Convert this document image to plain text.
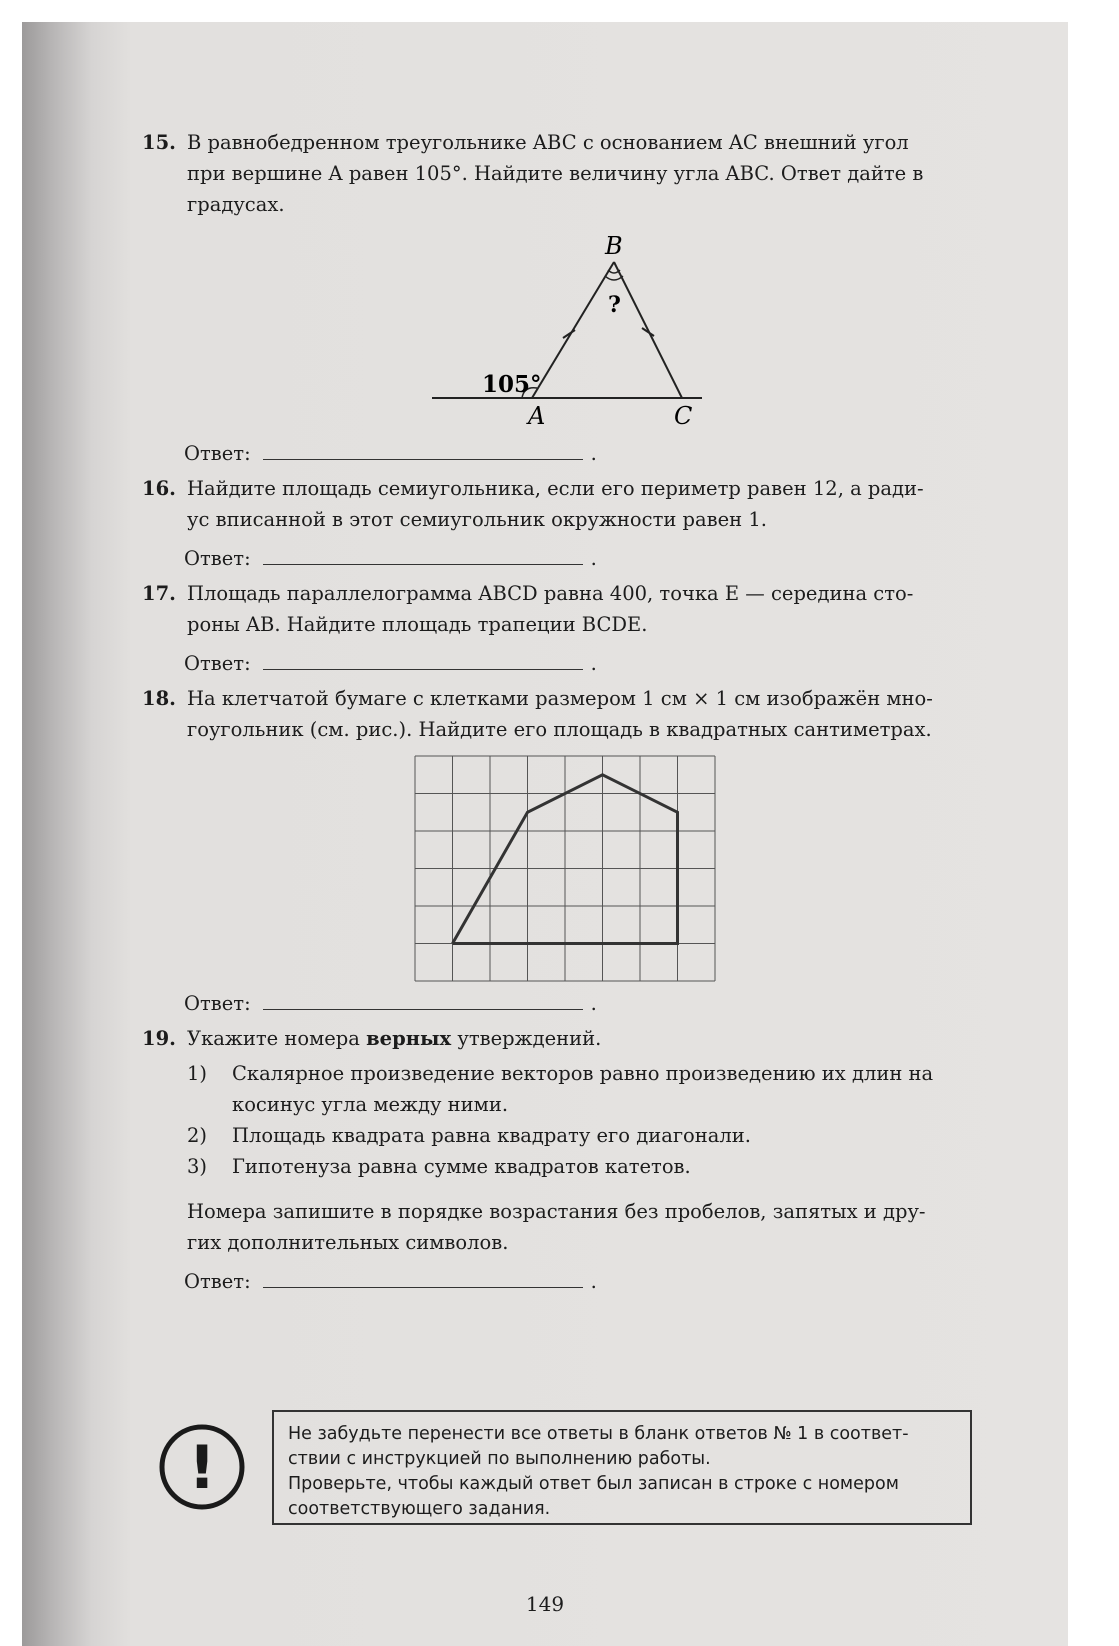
15. В равнобедренном треугольнике ABC с основанием AC внешний угол
при вершине A равен 105°. Найдите величину угла ABC. Ответ дайте в
градусах.
B
?
105°
A	C
Ответ:	.
16. Найдите площадь семиугольника, если его периметр равен 12, а ради-
ус вписанной в этот семиугольник окружности равен 1.
Ответ:	.
17. Площадь параллелограмма ABCD равна 400, точка E — середина сто-
роны AB. Найдите площадь трапеции BCDE.
Ответ:	.
18. На клетчатой бумаге с клетками размером 1 см × 1 см изображён мно-
гоугольник (см. рис.). Найдите его площадь в квадратных сантиметрах.
Ответ:	.
19. Укажите номера верных утверждений.
1)	Скалярное произведение векторов равно произведению их длин на косинус угла между ними.
2)	Площадь квадрата равна квадрату его диагонали.
3)	Гипотенуза равна сумме квадратов катетов.
Номера запишите в порядке возрастания без пробелов, запятых и дру-
гих дополнительных символов.
Ответ:	.
!	Не забудьте перенести все ответы в бланк ответов № 1 в соответ-
ствии с инструкцией по выполнению работы.
Проверьте, чтобы каждый ответ был записан в строке с номером
соответствующего задания.
149
